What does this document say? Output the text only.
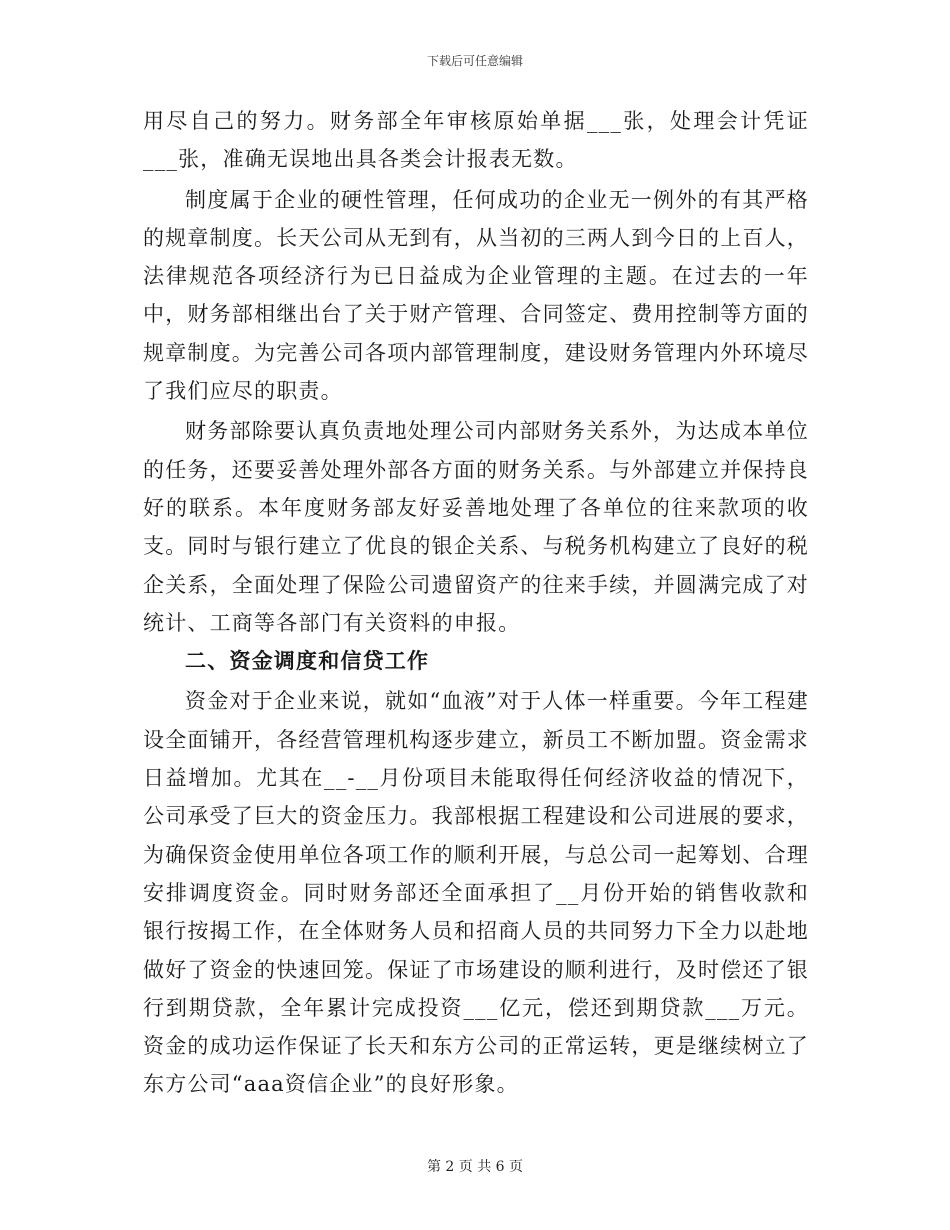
下载后可任意编辑

用尽自己的努力。财务部全年审核原始单据___张，处理会计凭证___张，准确无误地出具各类会计报表无数。

制度属于企业的硬性管理，任何成功的企业无一例外的有其严格的规章制度。长天公司从无到有，从当初的三两人到今日的上百人，法律规范各项经济行为已日益成为企业管理的主题。在过去的一年中，财务部相继出台了关于财产管理、合同签定、费用控制等方面的规章制度。为完善公司各项内部管理制度，建设财务管理内外环境尽了我们应尽的职责。

财务部除要认真负责地处理公司内部财务关系外，为达成本单位的任务，还要妥善处理外部各方面的财务关系。与外部建立并保持良好的联系。本年度财务部友好妥善地处理了各单位的往来款项的收支。同时与银行建立了优良的银企关系、与税务机构建立了良好的税企关系，全面处理了保险公司遗留资产的往来手续，并圆满完成了对统计、工商等各部门有关资料的申报。

二、资金调度和信贷工作

资金对于企业来说，就如“血液”对于人体一样重要。今年工程建设全面铺开，各经营管理机构逐步建立，新员工不断加盟。资金需求日益增加。尤其在__-__月份项目未能取得任何经济收益的情况下，公司承受了巨大的资金压力。我部根据工程建设和公司进展的要求，为确保资金使用单位各项工作的顺利开展，与总公司一起筹划、合理安排调度资金。同时财务部还全面承担了__月份开始的销售收款和银行按揭工作，在全体财务人员和招商人员的共同努力下全力以赴地做好了资金的快速回笼。保证了市场建设的顺利进行，及时偿还了银行到期贷款，全年累计完成投资___亿元，偿还到期贷款___万元。资金的成功运作保证了长天和东方公司的正常运转，更是继续树立了东方公司“aaa资信企业”的良好形象。

第 2 页 共 6 页
